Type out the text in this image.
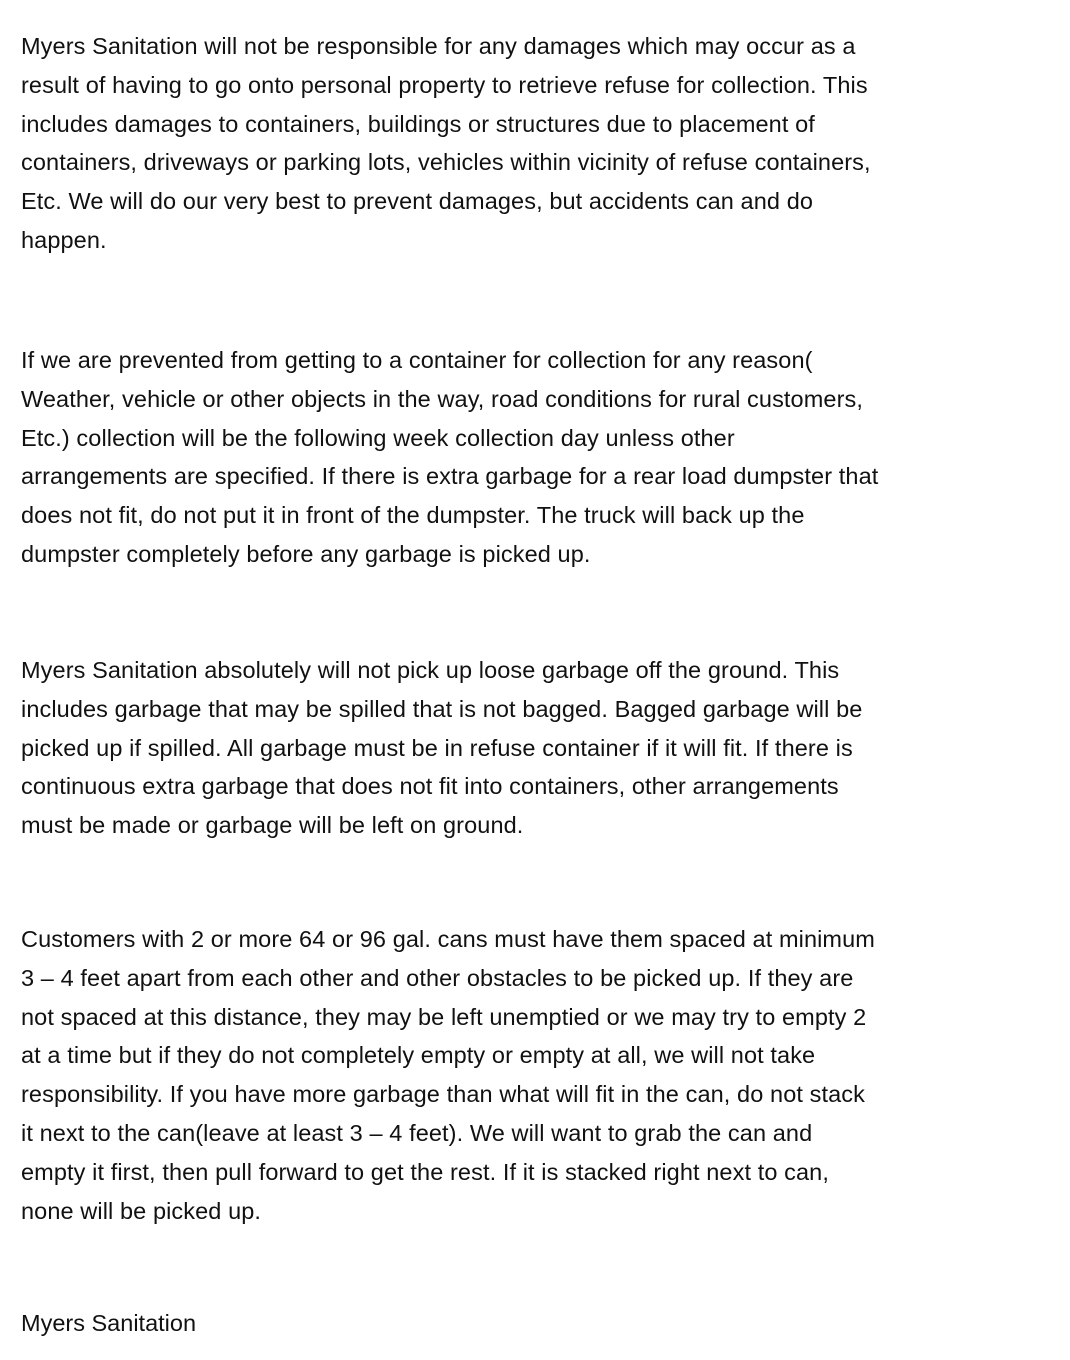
Myers Sanitation will not be responsible for any damages which may occur as a
result of having to go onto personal property to retrieve refuse for collection. This
includes damages to containers, buildings or structures due to placement of
containers, driveways or parking lots, vehicles within vicinity of refuse containers,
Etc. We will do our very best to prevent damages, but accidents can and do
happen.

If we are prevented from getting to a container for collection for any reason(
Weather, vehicle or other objects in the way, road conditions for rural customers,
Etc.) collection will be the following week collection day unless other
arrangements are specified. If there is extra garbage for a rear load dumpster that
does not fit, do not put it in front of the dumpster. The truck will back up the
dumpster completely before any garbage is picked up.

Myers Sanitation absolutely will not pick up loose garbage off the ground. This
includes garbage that may be spilled that is not bagged. Bagged garbage will be
picked up if spilled. All garbage must be in refuse container if it will fit. If there is
continuous extra garbage that does not fit into containers, other arrangements
must be made or garbage will be left on ground.

Customers with 2 or more 64 or 96 gal. cans must have them spaced at minimum
3 – 4 feet apart from each other and other obstacles to be picked up. If they are
not spaced at this distance, they may be left unemptied or we may try to empty 2
at a time but if they do not completely empty or empty at all, we will not take
responsibility. If you have more garbage than what will fit in the can, do not stack
it next to the can(leave at least 3 – 4 feet). We will want to grab the can and
empty it first, then pull forward to get the rest. If it is stacked right next to can,
none will be picked up.

Myers Sanitation
